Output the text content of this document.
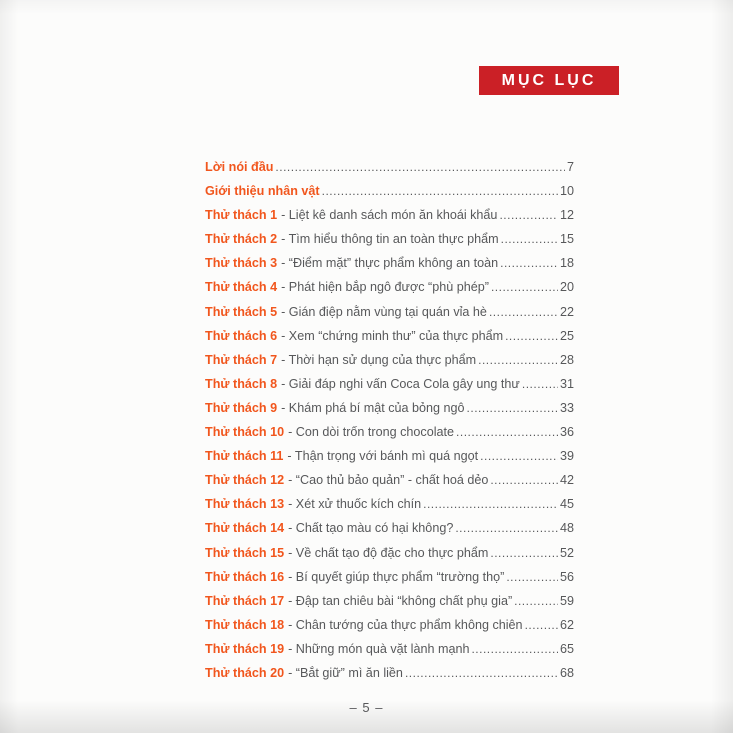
MỤC LỤC
Lời nói đầu .....	7
Giới thiệu nhân vật .....	10
Thử thách 1 - Liệt kê danh sách món ăn khoái khẩu .....	12
Thử thách 2 - Tìm hiểu thông tin an toàn thực phẩm .....	15
Thử thách 3 - “Điểm mặt” thực phẩm không an toàn .....	18
Thử thách 4 - Phát hiện bắp ngô được “phù phép” .....	20
Thử thách 5 - Gián điệp nằm vùng tại quán vỉa hè .....	22
Thử thách 6 - Xem “chứng minh thư” của thực phẩm .....	25
Thử thách 7 - Thời hạn sử dụng của thực phẩm .....	28
Thử thách 8 - Giải đáp nghi vấn Coca Cola gây ung thư .....	31
Thử thách 9 - Khám phá bí mật của bỏng ngô .....	33
Thử thách 10 - Con dòi trốn trong chocolate .....	36
Thử thách 11 - Thận trọng với bánh mì quá ngọt .....	39
Thử thách 12 - “Cao thủ bảo quản” - chất hoá dẻo .....	42
Thử thách 13 - Xét xử thuốc kích chín .....	45
Thử thách 14 - Chất tạo màu có hại không? .....	48
Thử thách 15 - Về chất tạo độ đặc cho thực phẩm .....	52
Thử thách 16 - Bí quyết giúp thực phẩm “trường thọ” .....	56
Thử thách 17 - Đập tan chiêu bài “không chất phụ gia” .....	59
Thử thách 18 - Chân tướng của thực phẩm không chiên .....	62
Thử thách 19 - Những món quà vặt lành mạnh .....	65
Thử thách 20 - “Bắt giữ” mì ăn liền .....	68
– 5 –
